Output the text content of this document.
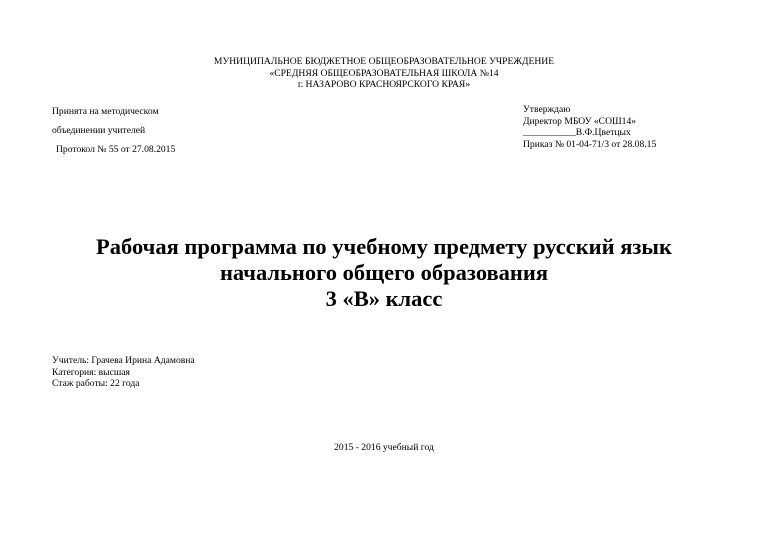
МУНИЦИПАЛЬНОЕ БЮДЖЕТНОЕ ОБЩЕОБРАЗОВАТЕЛЬНОЕ УЧРЕЖДЕНИЕ
«СРЕДНЯЯ ОБЩЕОБРАЗОВАТЕЛЬНАЯ ШКОЛА №14
г. НАЗАРОВО КРАСНОЯРСКОГО КРАЯ»
Принята на методическом
объединении учителей
Протокол № 55 от 27.08.2015
Утверждаю
Директор МБОУ «СОШ14»
___________В.Ф.Цветцых
Приказ № 01-04-71/3 от 28.08.15
Рабочая программа по учебному предмету русский язык
начального общего образования
3 «В» класс
Учитель: Грачева Ирина Адамовна
Категория: высшая
Стаж работы: 22 года
2015 - 2016 учебный год
